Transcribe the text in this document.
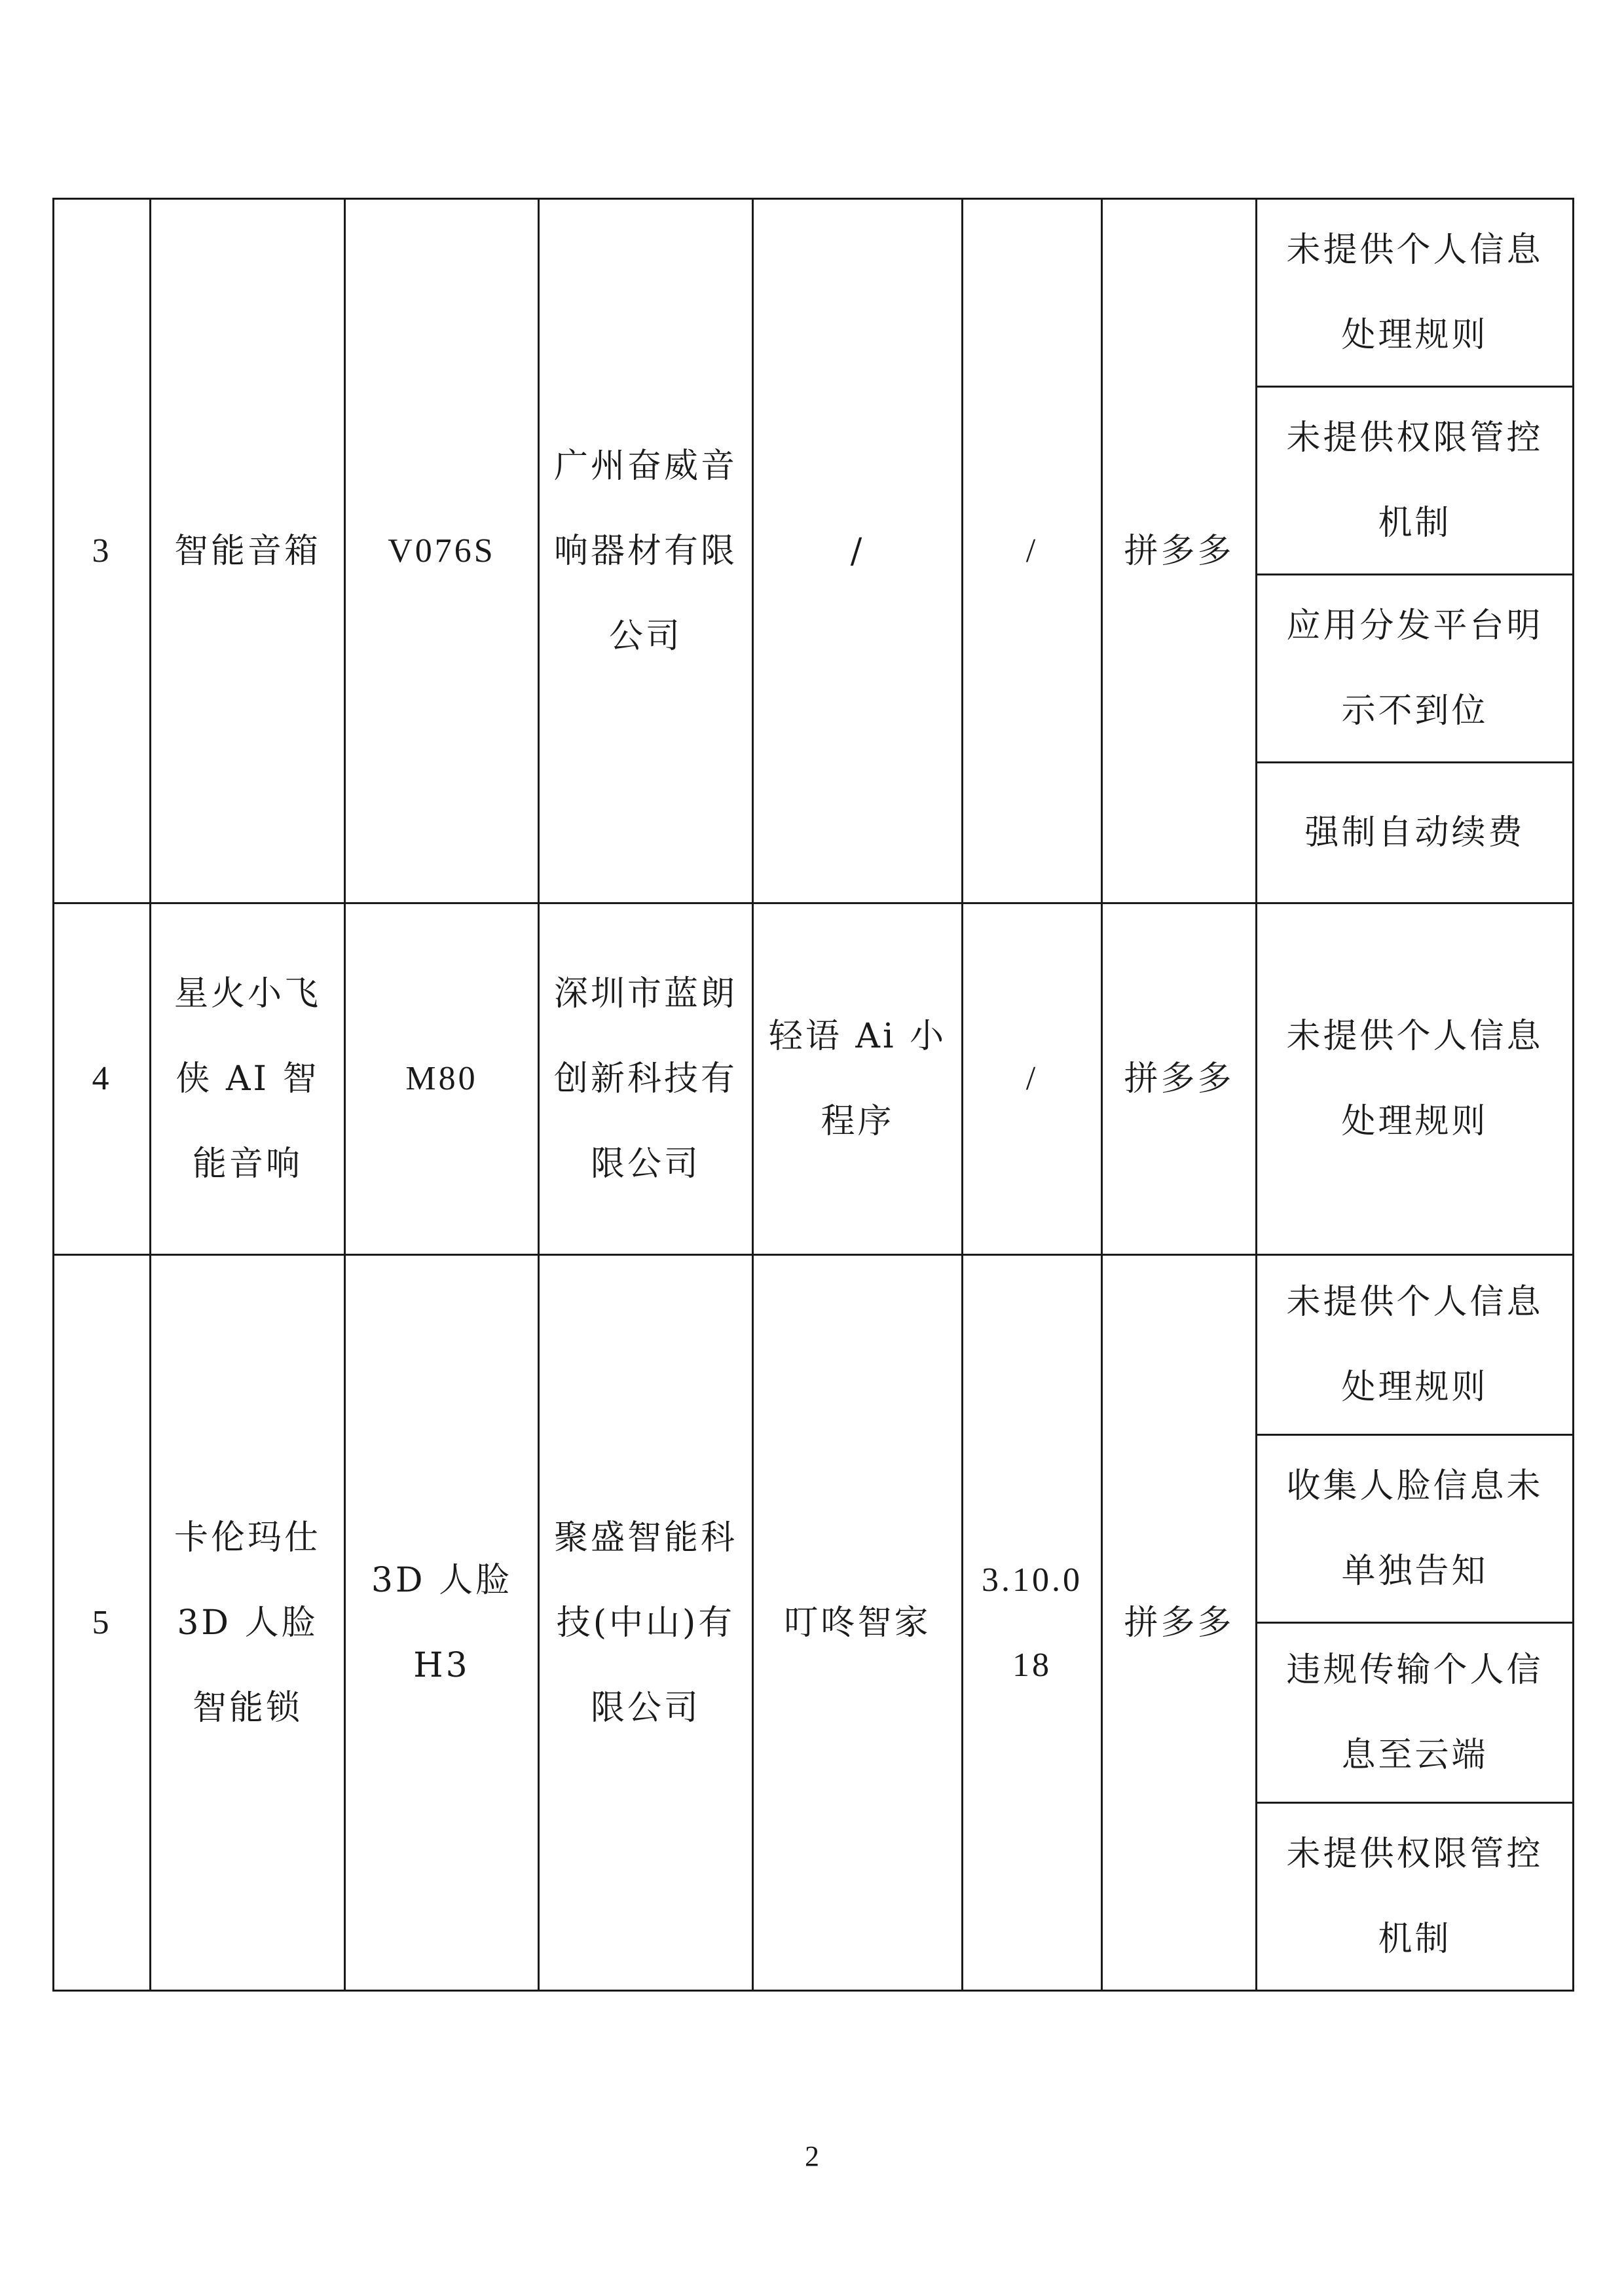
3	智能音箱	V076S	广州奋威音响器材有限公司	/	/	拼多多	未提供个人信息处理规则
							未提供权限管控机制
							应用分发平台明示不到位
							强制自动续费
4	星火小飞侠 AI 智能音响	M80	深圳市蓝朗创新科技有限公司	轻语 Ai 小程序	/	拼多多	未提供个人信息处理规则
5	卡伦玛仕 3D 人脸智能锁	3D 人脸 H3	聚盛智能科技(中山)有限公司	叮咚智家	3.10.018	拼多多	未提供个人信息处理规则
							收集人脸信息未单独告知
							违规传输个人信息至云端
							未提供权限管控机制
2
